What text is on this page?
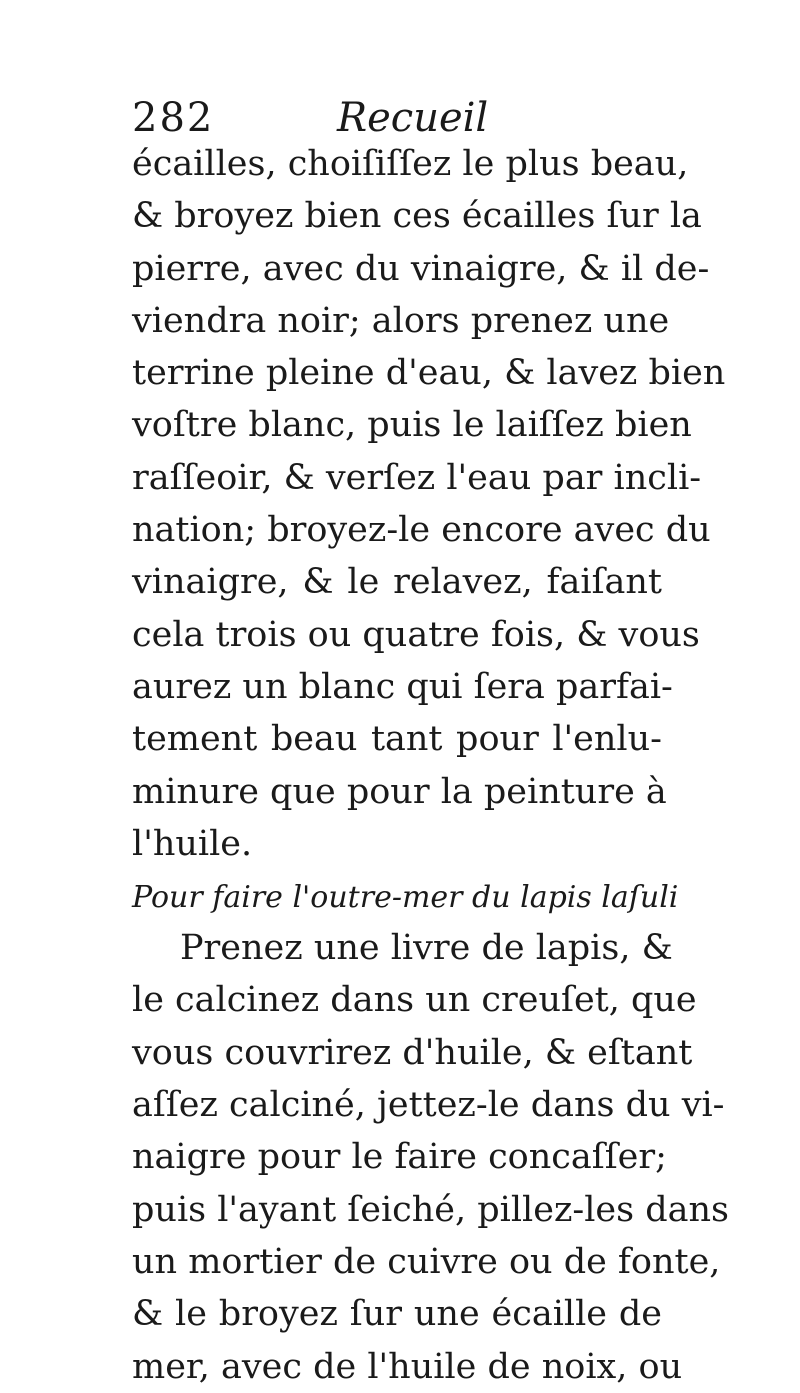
282	Recueil
écailles, choiſiſſez le plus beau,
& broyez bien ces écailles ſur la
pierre, avec du vinaigre, & il de-
viendra noir; alors prenez une
terrine pleine d'eau, & lavez bien
voſtre blanc, puis le laiſſez bien
raſſeoir, & verſez l'eau par incli-
nation; broyez-le encore avec du
vinaigre, & le relavez, faiſant
cela trois ou quatre fois, & vous
aurez un blanc qui ſera parfai-
tement beau tant pour l'enlu-
minure que pour la peinture à
l'huile.
Pour faire l'outre-mer du lapis laſuli
Prenez une livre de lapis, &
le calcinez dans un creuſet, que
vous couvrirez d'huile, & eſtant
aſſez calciné, jettez-le dans du vi-
naigre pour le faire concaſſer;
puis l'ayant ſeiché, pillez-les dans
un mortier de cuivre ou de fonte,
& le broyez ſur une écaille de
mer, avec de l'huile de noix, ou
